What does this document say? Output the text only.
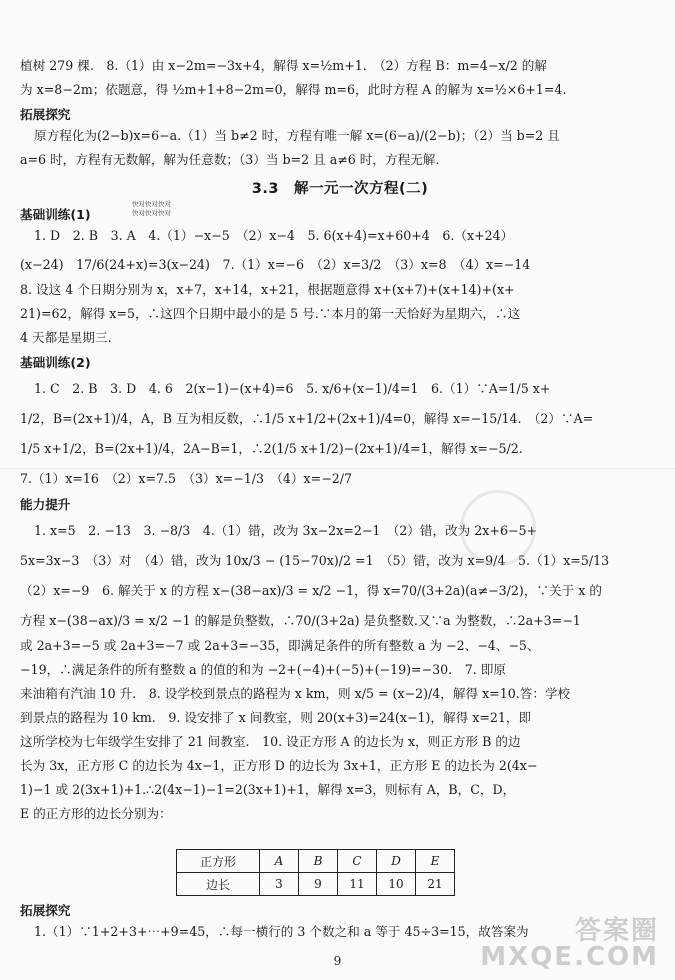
植树 279 棵.　8.（1）由 x−2m=−3x+4，解得 x=½m+1.　（2）方程 B：m=4−x/2 的解
为 x=8−2m；依题意，得 ½m+1+8−2m=0，解得 m=6，此时方程 A 的解为 x=½×6+1=4.
拓展探究
原方程化为(2−b)x=6−a.（1）当 b≠2 时，方程有唯一解 x=(6−a)/(2−b)；（2）当 b=2 且
a=6 时，方程有无数解，解为任意数；（3）当 b=2 且 a≠6 时，方程无解.
3.3　解一元一次方程(二)
基础训练(1)
1. D　2. B　3. A　4.（1）−x−5　（2）x−4　5. 6(x+4)=x+60+4　6.（x+24）
(x−24)　17/6(24+x)=3(x−24)　7.（1）x=−6　（2）x=3/2　（3）x=8　（4）x=−14
8. 设这 4 个日期分别为 x，x+7，x+14，x+21，根据题意得 x+(x+7)+(x+14)+(x+
21)=62，解得 x=5，∴这四个日期中最小的是 5 号.∵本月的第一天恰好为星期六，∴这
4 天都是星期三.
基础训练(2)
1. C　2. B　3. D　4. 6　2(x−1)−(x+4)=6　5. x/6+(x−1)/4=1　6.（1）∵A=1/5 x+
1/2，B=(2x+1)/4，A，B 互为相反数，∴1/5 x+1/2+(2x+1)/4=0，解得 x=−15/14.　（2）∵A=
1/5 x+1/2，B=(2x+1)/4，2A−B=1，∴2(1/5 x+1/2)−(2x+1)/4=1，解得 x=−5/2.
7.（1）x=16　（2）x=7.5　（3）x=−1/3　（4）x=−2/7
能力提升
1. x=5　2. −13　3. −8/3　4.（1）错，改为 3x−2x=2−1　（2）错，改为 2x+6−5+
5x=3x−3　（3）对　（4）错，改为 10x/3 − (15−70x)/2 =1　（5）错，改为 x=9/4　5.（1）x=5/13
（2）x=−9　6. 解关于 x 的方程 x−(38−ax)/3 = x/2 −1，得 x=70/(3+2a)(a≠−3/2)，∵关于 x 的
方程 x−(38−ax)/3 = x/2 −1 的解是负整数，∴70/(3+2a) 是负整数.又∵a 为整数，∴2a+3=−1
或 2a+3=−5 或 2a+3=−7 或 2a+3=−35，即满足条件的所有整数 a 为 −2、−4、−5、
−19，∴满足条件的所有整数 a 的值的和为 −2+(−4)+(−5)+(−19)=−30.　7. 即原
来油箱有汽油 10 升.　8. 设学校到景点的路程为 x km，则 x/5 = (x−2)/4，解得 x=10.答：学校
到景点的路程为 10 km.　9. 设安排了 x 间教室，则 20(x+3)=24(x−1)，解得 x=21，即
这所学校为七年级学生安排了 21 间教室.　10. 设正方形 A 的边长为 x，则正方形 B 的边
长为 3x，正方形 C 的边长为 4x−1，正方形 D 的边长为 3x+1，正方形 E 的边长为 2(4x−
1)−1 或 2(3x+1)+1.∴2(4x−1)−1=2(3x+1)+1，解得 x=3，则标有 A，B，C，D，
E 的正方形的边长分别为：
快对快对快对
快对快对快对
正方形	A	B	C	D	E
边长	3	9	11	10	21
拓展探究
1.（1）∵1+2+3+⋯+9=45，∴每一横行的 3 个数之和 a 等于 45÷3=15，故答案为	答案圈
MXQE.COM
9
